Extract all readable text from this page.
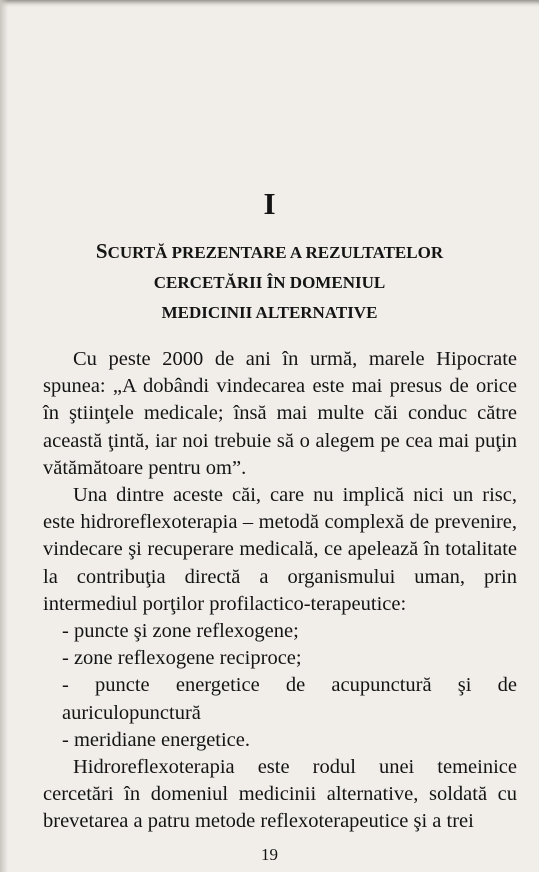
I
SCURTĂ PREZENTARE A REZULTATELOR
CERCETĂRII ÎN DOMENIUL
MEDICINII ALTERNATIVE

Cu peste 2000 de ani în urmă, marele Hipocrate spunea: „A dobândi vindecarea este mai presus de orice în ştiinţele medicale; însă mai multe căi conduc către această ţintă, iar noi trebuie să o alegem pe cea mai puţin vătămătoare pentru om”.

Una dintre aceste căi, care nu implică nici un risc, este hidroreflexoterapia – metodă complexă de prevenire, vindecare şi recuperare medicală, ce apelează în totalitate la contribuţia directă a organismului uman, prin intermediul porţilor profilactico-terapeutice:

- puncte şi zone reflexogene;
- zone reflexogene reciproce;
- puncte energetice de acupunctură şi de auriculopunctură
- meridiane energetice.

Hidroreflexoterapia este rodul unei temeinice cercetări în domeniul medicinii alternative, soldată cu brevetarea a patru metode reflexoterapeutice şi a trei

19
